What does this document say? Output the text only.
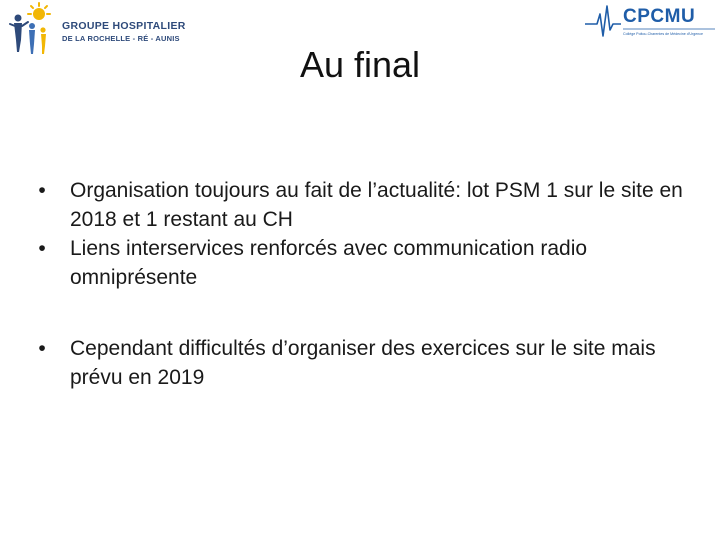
GROUPE HOSPITALIER
DE LA ROCHELLE - RÉ - AUNIS
CPCMU
Collège Poitou-Charentes de Médecine d'Urgence
Au final
•	Organisation toujours au fait de l’actualité: lot PSM 1 sur le site en 2018 et 1 restant au CH
•	Liens interservices renforcés avec communication radio omniprésente
•	Cependant difficultés d’organiser des exercices sur le site mais prévu en 2019
